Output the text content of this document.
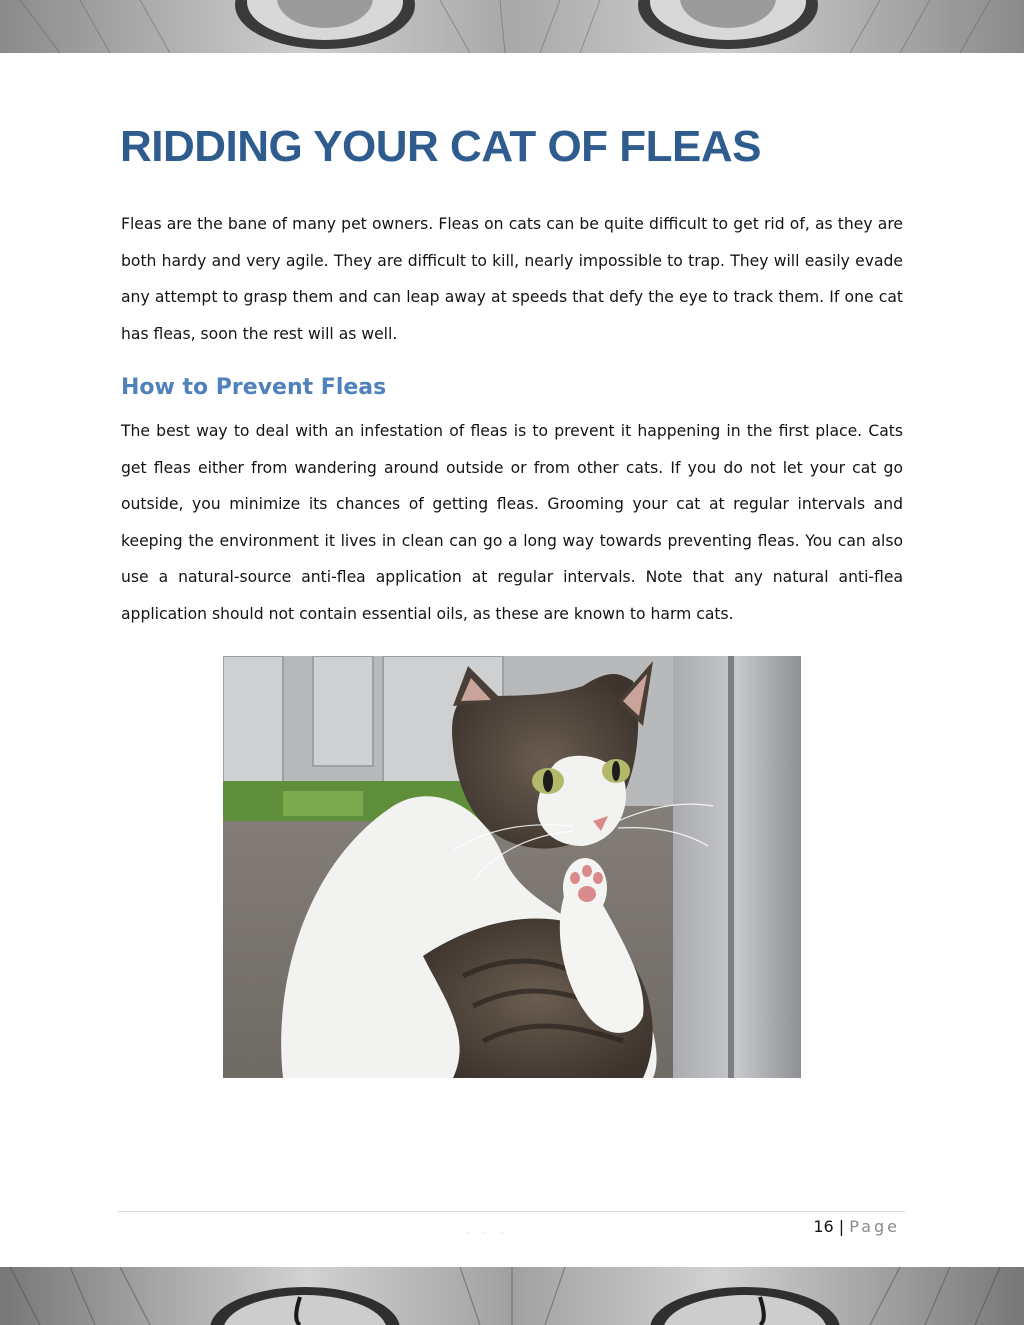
RIDDING YOUR CAT OF FLEAS

Fleas are the bane of many pet owners. Fleas on cats can be quite difficult to get rid of, as they are both hardy and very agile. They are difficult to kill, nearly impossible to trap. They will easily evade any attempt to grasp them and can leap away at speeds that defy the eye to track them. If one cat has fleas, soon the rest will as well.

How to Prevent Fleas

The best way to deal with an infestation of fleas is to prevent it happening in the first place. Cats get fleas either from wandering around outside or from other cats. If you do not let your cat go outside, you minimize its chances of getting fleas. Grooming your cat at regular intervals and keeping the environment it lives in clean can go a long way towards preventing fleas. You can also use a natural-source anti-flea application at regular intervals. Note that any natural anti-flea application should not contain essential oils, as these are known to harm cats.

· · ·	16 | Page
